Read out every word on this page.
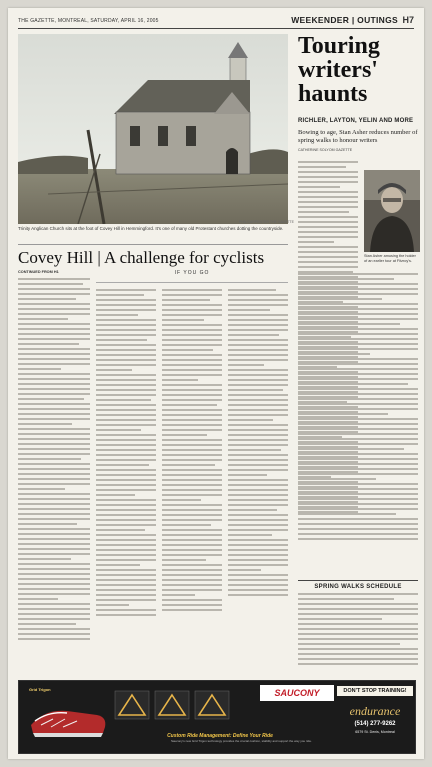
THE GAZETTE, MONTREAL, SATURDAY, APRIL 16, 2005	WEEKENDER | OUTINGS H7
PHIL CARPENTER THE GAZETTE
Trinity Anglican Church sits at the foot of Covey Hill in Hemmingford. It's one of many old Protestant churches dotting the countryside.
Covey Hill | A challenge for cyclists
CONTINUED FROM H1	IF YOU GO
Touring writers' haunts
RICHLER, LAYTON, YELIN AND MORE
Bowing to age, Stan Asher reduces number of spring walks to honour writers
CATHERINE SOLYOM GAZETTE
Stan Asher amusing the holder of an earlier tour at Fitzroy's.
SPRING WALKS SCHEDULE
Grid Trigon	SAUCONY
Custom Ride Management: Define Your Ride
Saucony's new Grid Trigon technology provides the crucial cushion, stability and support the way you ride.
DON'T STOP TRAINING!
endurance
(514) 277-9262
6579 St. Denis, Montreal
